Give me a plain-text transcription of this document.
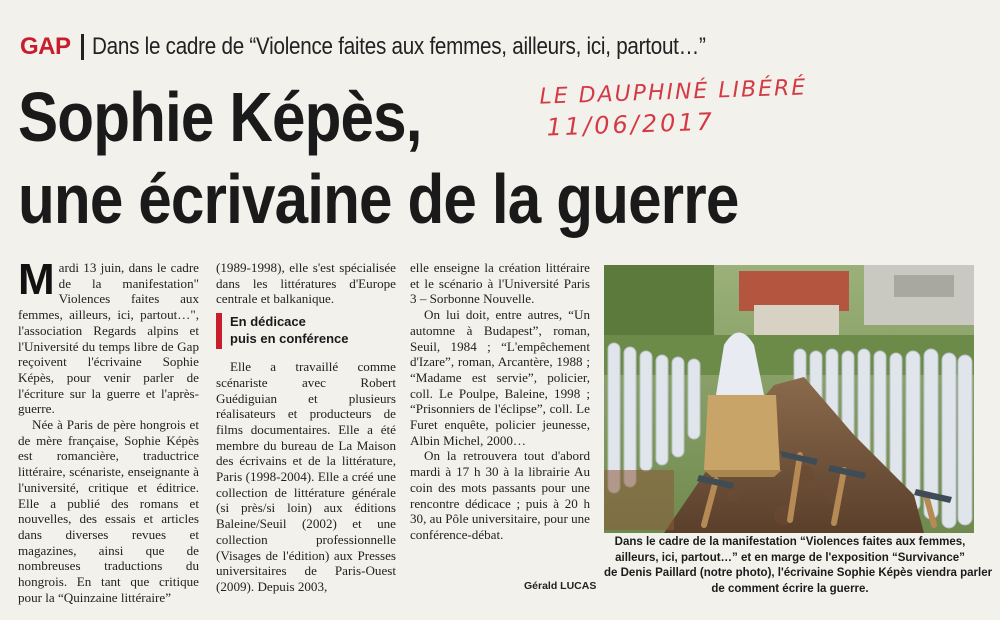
GAP Dans le cadre de “Violence faites aux femmes, ailleurs, ici, partout…”
Sophie Képès,
une écrivaine de la guerre
LE DAUPHINÉ LIBÉRÉ
11/06/2017

Mardi 13 juin, dans le cadre de la manifestation" Violences faites aux femmes, ailleurs, ici, partout…", l'association Regards alpins et l'Université du temps libre de Gap reçoivent l'écrivaine Sophie Képès, pour venir parler de l'écriture sur la guerre et l'après-guerre.

Née à Paris de père hongrois et de mère française, Sophie Képès est romancière, traductrice littéraire, scénariste, enseignante à l'université, critique et éditrice. Elle a publié des romans et nouvelles, des essais et articles dans diverses revues et magazines, ainsi que de nombreuses traductions du hongrois. En tant que critique pour la “Quinzaine littéraire”

(1989-1998), elle s'est spécialisée dans les littératures d'Europe centrale et balkanique.

En dédicace
puis en conférence

Elle a travaillé comme scénariste avec Robert Guédiguian et plusieurs réalisateurs et producteurs de films documentaires. Elle a été membre du bureau de La Maison des écrivains et de la littérature, Paris (1998-2004). Elle a créé une collection de littérature générale (si près/si loin) aux éditions Baleine/Seuil (2002) et une collection professionnelle (Visages de l'édition) aux Presses universitaires de Paris-Ouest (2009). Depuis 2003,

elle enseigne la création littéraire et le scénario à l'Université Paris 3 – Sorbonne Nouvelle.

On lui doit, entre autres, “Un automne à Budapest”, roman, Seuil, 1984 ; “L'empêchement d'Izare”, roman, Arcantère, 1988 ; “Madame est servie”, policier, coll. Le Poulpe, Baleine, 1998 ; “Prisonniers de l'éclipse”, coll. Le Furet enquête, policier jeunesse, Albin Michel, 2000…

On la retrouvera tout d'abord mardi à 17 h 30 à la librairie Au coin des mots passants pour une rencontre dédicace ; puis à 20 h 30, au Pôle universitaire, pour une conférence-débat.

Gérald LUCAS
Dans le cadre de la manifestation “Violences faites aux femmes,
ailleurs, ici, partout…” et en marge de l'exposition “Survivance”
de Denis Paillard (notre photo), l'écrivaine Sophie Képès viendra parler
de comment écrire la guerre.
